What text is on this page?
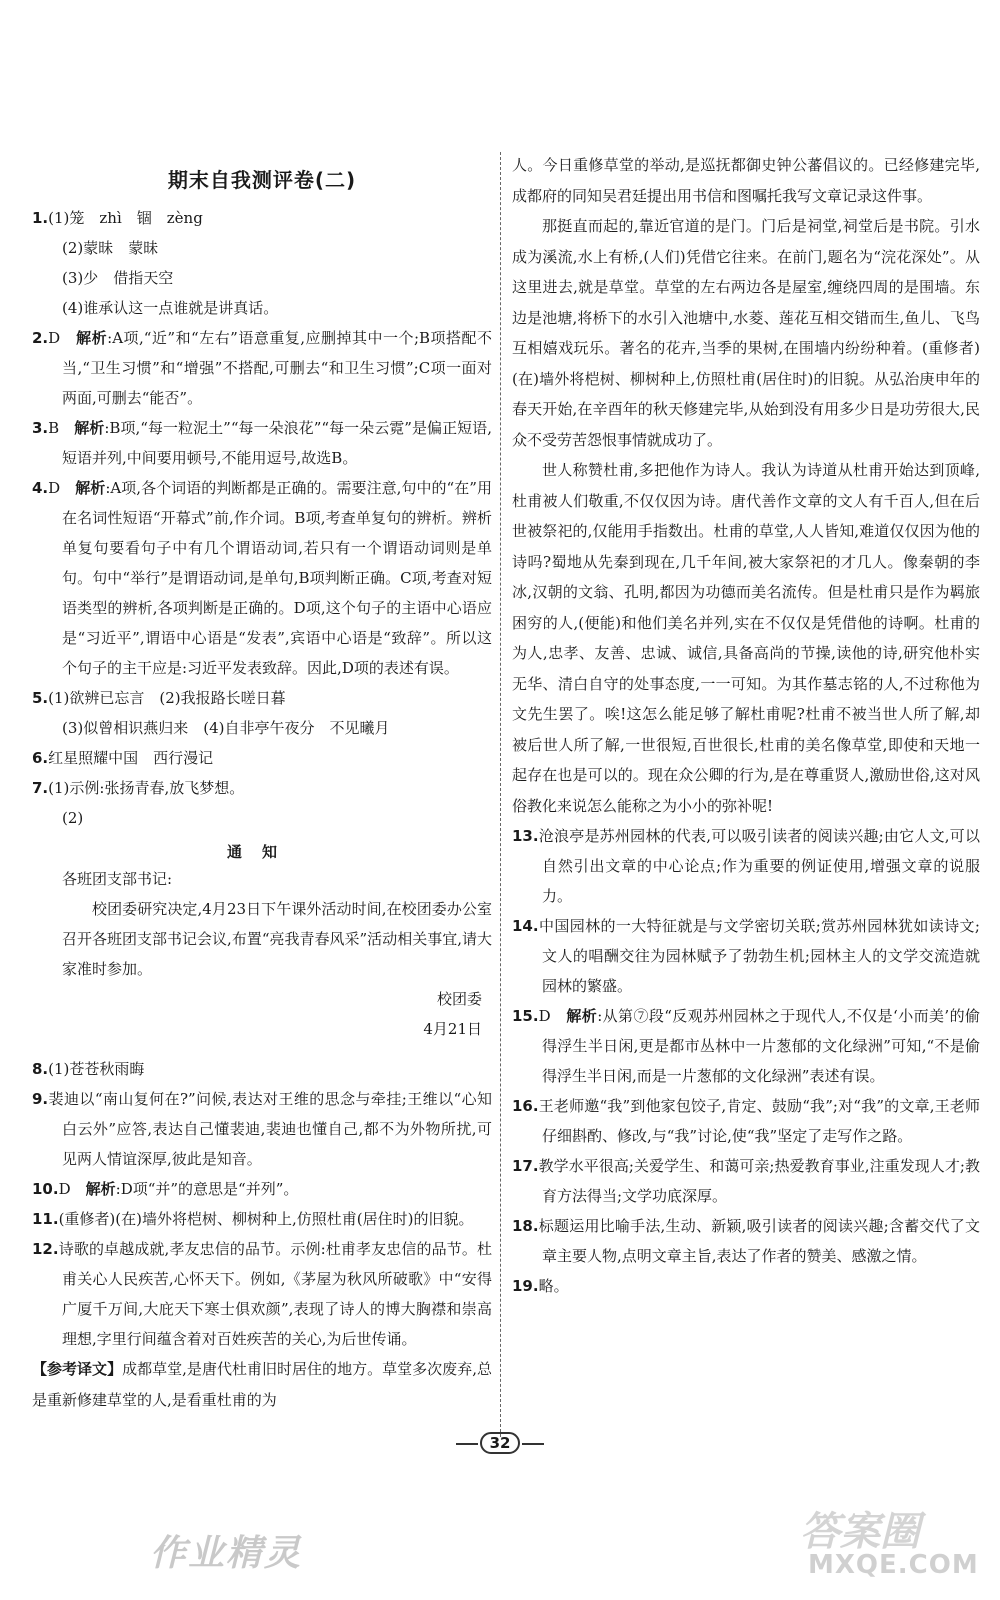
期末自我测评卷(二)

1.(1)笼　zhì　锢　zèng

(2)蒙昧　蒙昧

(3)少　借指天空

(4)谁承认这一点谁就是讲真话。

2.D　 解析:A项,“近”和“左右”语意重复,应删掉其中一个;B项搭配不当,“卫生习惯”和“增强”不搭配,可删去“和卫生习惯”;C项一面对两面,可删去“能否”。

3.B　 解析:B项,“每一粒泥土”“每一朵浪花”“每一朵云霓”是偏正短语,短语并列,中间要用顿号,不能用逗号,故选B。

4.D　 解析:A项,各个词语的判断都是正确的。需要注意,句中的“在”用在名词性短语“开幕式”前,作介词。B项,考查单复句的辨析。辨析单复句要看句子中有几个谓语动词,若只有一个谓语动词则是单句。句中“举行”是谓语动词,是单句,B项判断正确。C项,考查对短语类型的辨析,各项判断是正确的。D项,这个句子的主语中心语应是“习近平”,谓语中心语是“发表”,宾语中心语是“致辞”。所以这个句子的主干应是:习近平发表致辞。因此,D项的表述有误。

5.(1)欲辨已忘言　(2)我报路长嗟日暮

(3)似曾相识燕归来　(4)自非亭午夜分　不见曦月

6.红星照耀中国　西行漫记

7.(1)示例:张扬青春,放飞梦想。

(2)

通知

各班团支部书记:

校团委研究决定,4月23日下午课外活动时间,在校团委办公室召开各班团支部书记会议,布置“亮我青春风采”活动相关事宜,请大家准时参加。

校团委

4月21日

8.(1)苍苍秋雨晦

9.裴迪以“南山复何在?”问候,表达对王维的思念与牵挂;王维以“心知白云外”应答,表达自己懂裴迪,裴迪也懂自己,都不为外物所扰,可见两人情谊深厚,彼此是知音。

10.D　 解析:D项“并”的意思是“并列”。

11.(重修者)(在)墙外将桤树、柳树种上,仿照杜甫(居住时)的旧貌。

12.诗歌的卓越成就,孝友忠信的品节。示例:杜甫孝友忠信的品节。杜甫关心人民疾苦,心怀天下。例如,《茅屋为秋风所破歌》中“安得广厦千万间,大庇天下寒士俱欢颜”,表现了诗人的博大胸襟和崇高理想,字里行间蕴含着对百姓疾苦的关心,为后世传诵。

【参考译文】成都草堂,是唐代杜甫旧时居住的地方。草堂多次废弃,总是重新修建草堂的人,是看重杜甫的为

人。今日重修草堂的举动,是巡抚都御史钟公蕃倡议的。已经修建完毕,成都府的同知吴君廷提出用书信和图嘱托我写文章记录这件事。

那挺直而起的,靠近官道的是门。门后是祠堂,祠堂后是书院。引水成为溪流,水上有桥,(人们)凭借它往来。在前门,题名为“浣花深处”。从这里进去,就是草堂。草堂的左右两边各是屋室,缠绕四周的是围墙。东边是池塘,将桥下的水引入池塘中,水菱、莲花互相交错而生,鱼儿、飞鸟互相嬉戏玩乐。著名的花卉,当季的果树,在围墙内纷纷种着。(重修者)(在)墙外将桤树、柳树种上,仿照杜甫(居住时)的旧貌。从弘治庚申年的春天开始,在辛酉年的秋天修建完毕,从始到没有用多少日是功劳很大,民众不受劳苦怨恨事情就成功了。

世人称赞杜甫,多把他作为诗人。我认为诗道从杜甫开始达到顶峰,杜甫被人们敬重,不仅仅因为诗。唐代善作文章的文人有千百人,但在后世被祭祀的,仅能用手指数出。杜甫的草堂,人人皆知,难道仅仅因为他的诗吗?蜀地从先秦到现在,几千年间,被大家祭祀的才几人。像秦朝的李冰,汉朝的文翁、孔明,都因为功德而美名流传。但是杜甫只是作为羁旅困穷的人,(便能)和他们美名并列,实在不仅仅是凭借他的诗啊。杜甫的为人,忠孝、友善、忠诚、诚信,具备高尚的节操,读他的诗,研究他朴实无华、清白自守的处事态度,一一可知。为其作墓志铭的人,不过称他为文先生罢了。唉!这怎么能足够了解杜甫呢?杜甫不被当世人所了解,却被后世人所了解,一世很短,百世很长,杜甫的美名像草堂,即使和天地一起存在也是可以的。现在众公卿的行为,是在尊重贤人,激励世俗,这对风俗教化来说怎么能称之为小小的弥补呢!

13.沧浪亭是苏州园林的代表,可以吸引读者的阅读兴趣;由它人文,可以自然引出文章的中心论点;作为重要的例证使用,增强文章的说服力。

14.中国园林的一大特征就是与文学密切关联;赏苏州园林犹如读诗文;文人的唱酬交往为园林赋予了勃勃生机;园林主人的文学交流造就园林的繁盛。

15.D　 解析:从第⑦段“反观苏州园林之于现代人,不仅是‘小而美’的偷得浮生半日闲,更是都市丛林中一片葱郁的文化绿洲”可知,“不是偷得浮生半日闲,而是一片葱郁的文化绿洲”表述有误。

16.王老师邀“我”到他家包饺子,肯定、鼓励“我”;对“我”的文章,王老师仔细斟酌、修改,与“我”讨论,使“我”坚定了走写作之路。

17.教学水平很高;关爱学生、和蔼可亲;热爱教育事业,注重发现人才;教育方法得当;文学功底深厚。

18.标题运用比喻手法,生动、新颖,吸引读者的阅读兴趣;含蓄交代了文章主要人物,点明文章主旨,表达了作者的赞美、感激之情。

19.略。

32
作业精灵	答案圈
MXQE.COM
